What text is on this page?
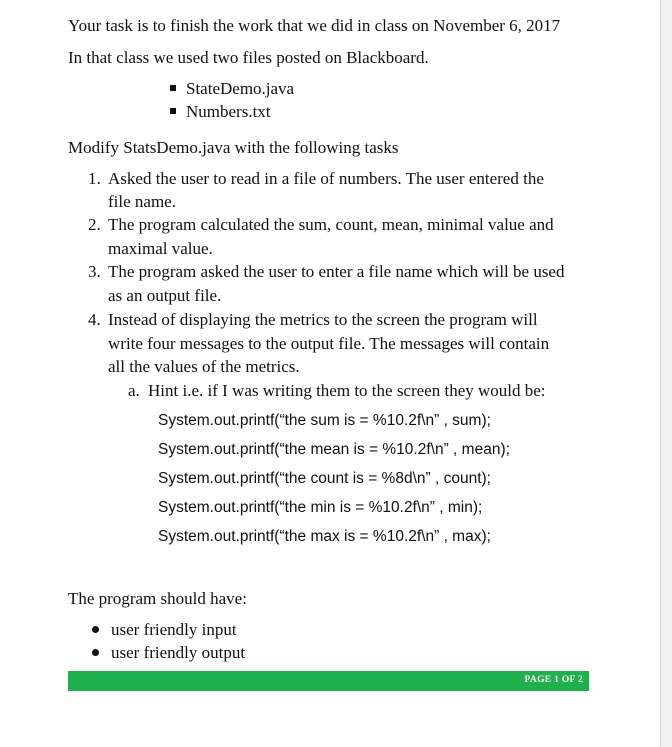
Your task is to finish the work that we did in class on November 6, 2017
In that class we used two files posted on Blackboard.
StateDemo.java
Numbers.txt
Modify StatsDemo.java with the following tasks
1. Asked the user to read in a file of numbers. The user entered the
file name.
2. The program calculated the sum, count, mean, minimal value and
maximal value.
3. The program asked the user to enter a file name which will be used
as an output file.
4. Instead of displaying the metrics to the screen the program will
write four messages to the output file. The messages will contain
all the values of the metrics.
a. Hint i.e. if I was writing them to the screen they would be:
System.out.printf(“the sum is = %10.2f\n” , sum);
System.out.printf(“the mean is = %10.2f\n” , mean);
System.out.printf(“the count is = %8d\n” , count);
System.out.printf(“the min is = %10.2f\n” , min);
System.out.printf(“the max is = %10.2f\n” , max);
The program should have:
user friendly input
user friendly output
PAGE 1 OF 2
